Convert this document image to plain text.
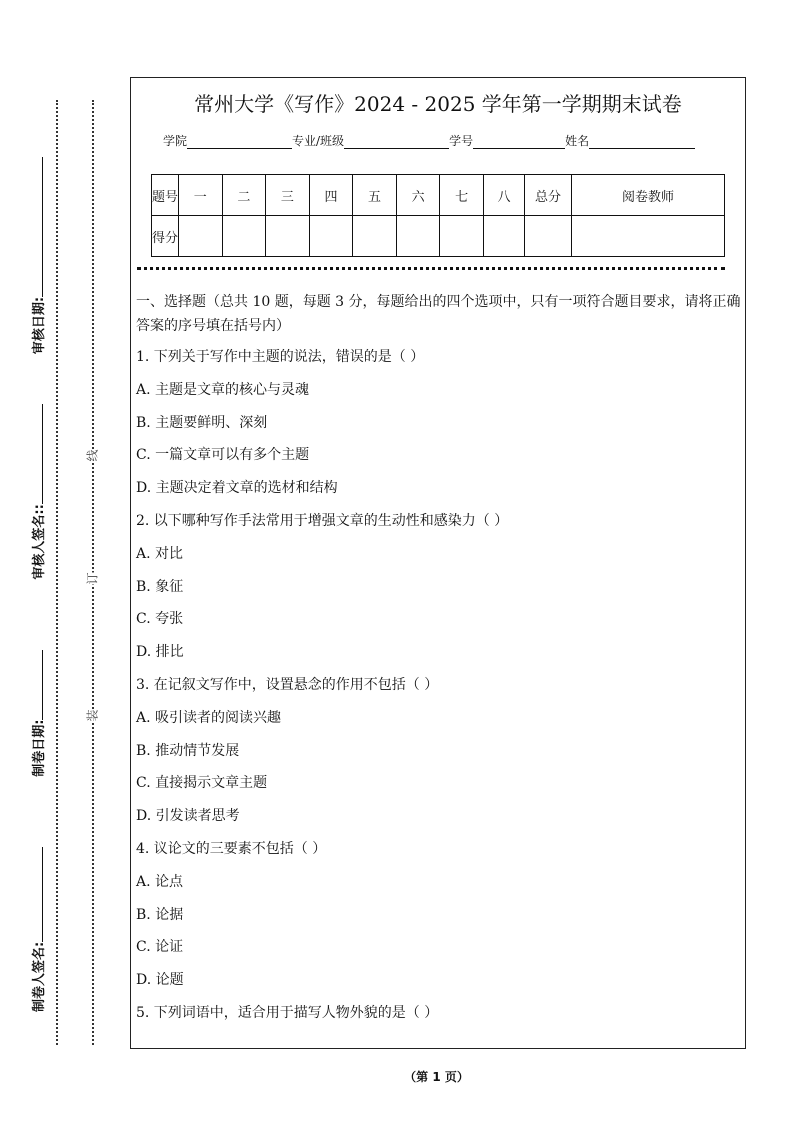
制卷人签名:
制卷日期:
审核人签名::
审核日期:
装
订
线
常州大学《写作》2024 - 2025 学年第一学期期末试卷
学院	专业/班级	学号	姓名
题号	一	二	三	四	五	六	七	八	总分	阅卷教师
得分										
一、选择题（总共 10 题，每题 3 分，每题给出的四个选项中，只有一项符合题目要求，请将正确答案的序号填在括号内）
1. 下列关于写作中主题的说法，错误的是（ ）
A. 主题是文章的核心与灵魂
B. 主题要鲜明、深刻
C. 一篇文章可以有多个主题
D. 主题决定着文章的选材和结构
2. 以下哪种写作手法常用于增强文章的生动性和感染力（ ）
A. 对比
B. 象征
C. 夸张
D. 排比
3. 在记叙文写作中，设置悬念的作用不包括（ ）
A. 吸引读者的阅读兴趣
B. 推动情节发展
C. 直接揭示文章主题
D. 引发读者思考
4. 议论文的三要素不包括（ ）
A. 论点
B. 论据
C. 论证
D. 论题
5. 下列词语中，适合用于描写人物外貌的是（ ）
（第 1 页）
